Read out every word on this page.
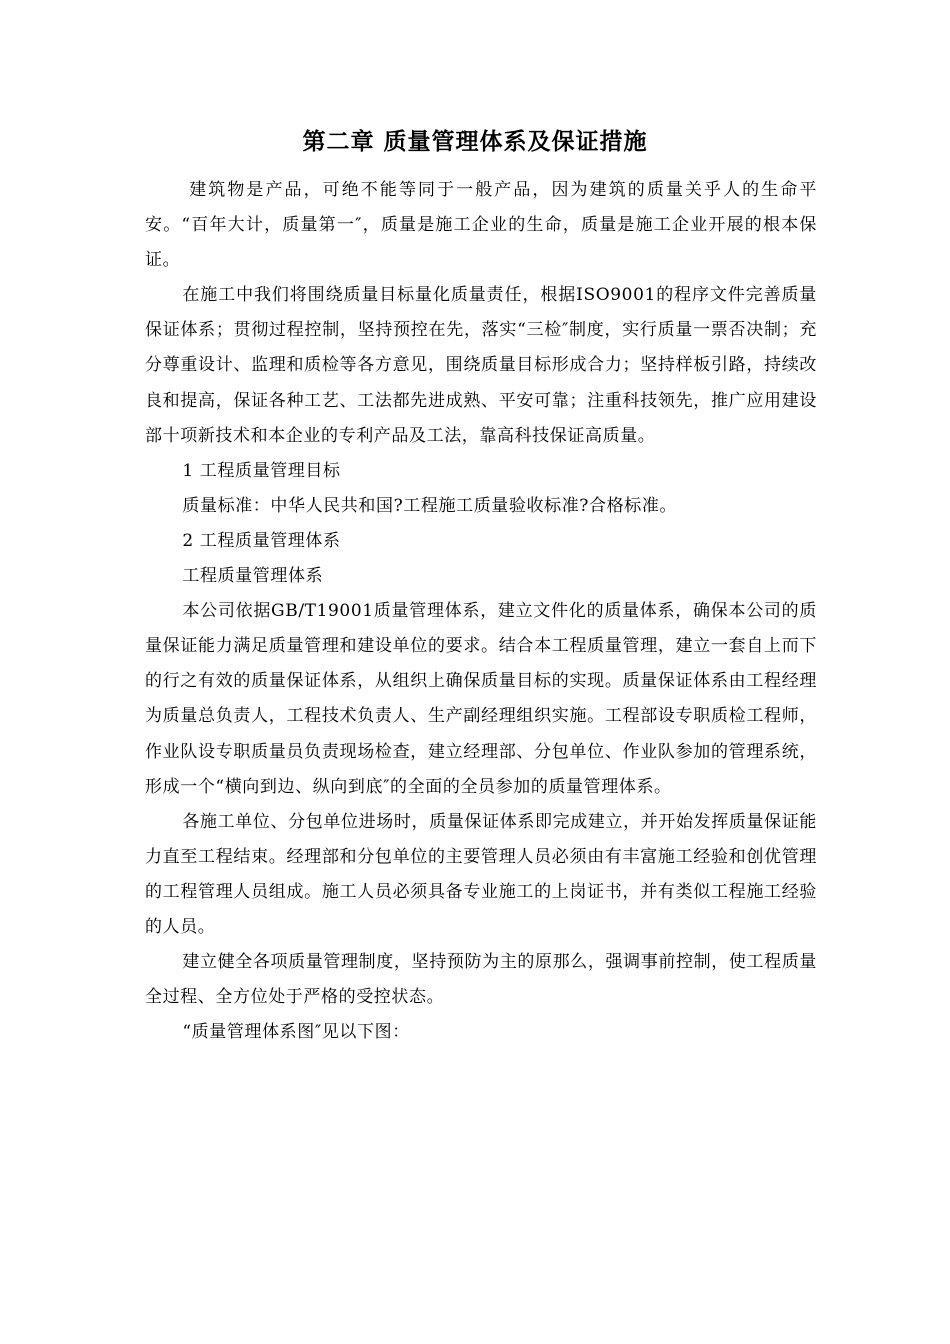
第二章 质量管理体系及保证措施

建筑物是产品，可绝不能等同于一般产品，因为建筑的质量关乎人的生命平安。“百年大计，质量第一″，质量是施工企业的生命，质量是施工企业开展的根本保证。

在施工中我们将围绕质量目标量化质量责任，根据ISO9001的程序文件完善质量保证体系；贯彻过程控制，坚持预控在先，落实“三检″制度，实行质量一票否决制；充分尊重设计、监理和质检等各方意见，围绕质量目标形成合力；坚持样板引路，持续改良和提高，保证各种工艺、工法都先进成熟、平安可靠；注重科技领先，推广应用建设部十项新技术和本企业的专利产品及工法，靠高科技保证高质量。

1 工程质量管理目标

质量标准：中华人民共和国?工程施工质量验收标准?合格标准。

2 工程质量管理体系

工程质量管理体系

本公司依据GB/T19001质量管理体系，建立文件化的质量体系，确保本公司的质量保证能力满足质量管理和建设单位的要求。结合本工程质量管理，建立一套自上而下的行之有效的质量保证体系，从组织上确保质量目标的实现。质量保证体系由工程经理为质量总负责人，工程技术负责人、生产副经理组织实施。工程部设专职质检工程师，作业队设专职质量员负责现场检查，建立经理部、分包单位、作业队参加的管理系统，形成一个“横向到边、纵向到底″的全面的全员参加的质量管理体系。

各施工单位、分包单位进场时，质量保证体系即完成建立，并开始发挥质量保证能力直至工程结束。经理部和分包单位的主要管理人员必须由有丰富施工经验和创优管理的工程管理人员组成。施工人员必须具备专业施工的上岗证书，并有类似工程施工经验的人员。

建立健全各项质量管理制度，坚持预防为主的原那么，强调事前控制，使工程质量全过程、全方位处于严格的受控状态。

“质量管理体系图″见以下图：
